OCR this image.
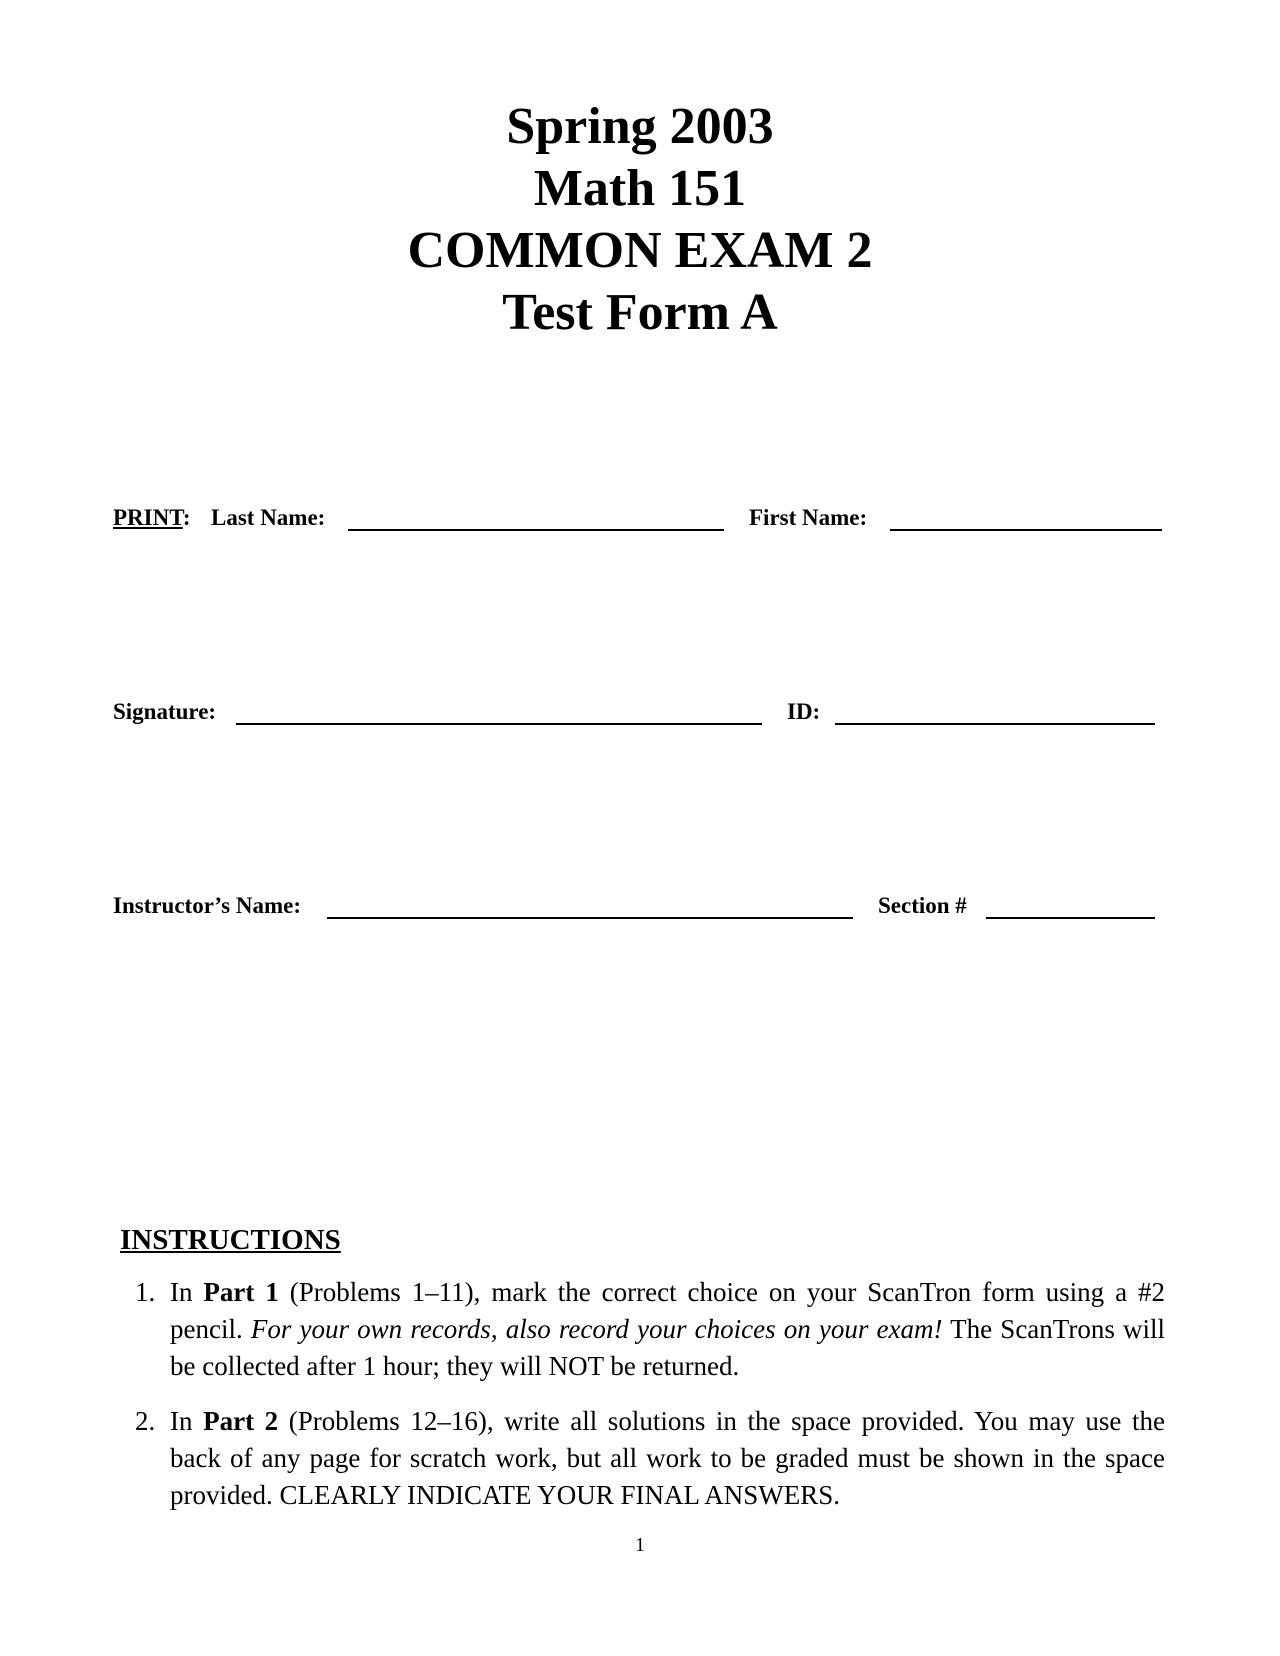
Spring 2003
Math 151
COMMON EXAM 2
Test Form A
PRINT: Last Name:	First Name:
Signature:	ID:
Instructor’s Name:	Section #
INSTRUCTIONS
1. In Part 1 (Problems 1–11), mark the correct choice on your ScanTron form using a #2 pencil. For your own records, also record your choices on your exam! The ScanTrons will be collected after 1 hour; they will NOT be returned.
2. In Part 2 (Problems 12–16), write all solutions in the space provided. You may use the back of any page for scratch work, but all work to be graded must be shown in the space provided. CLEARLY INDICATE YOUR FINAL ANSWERS.
1
